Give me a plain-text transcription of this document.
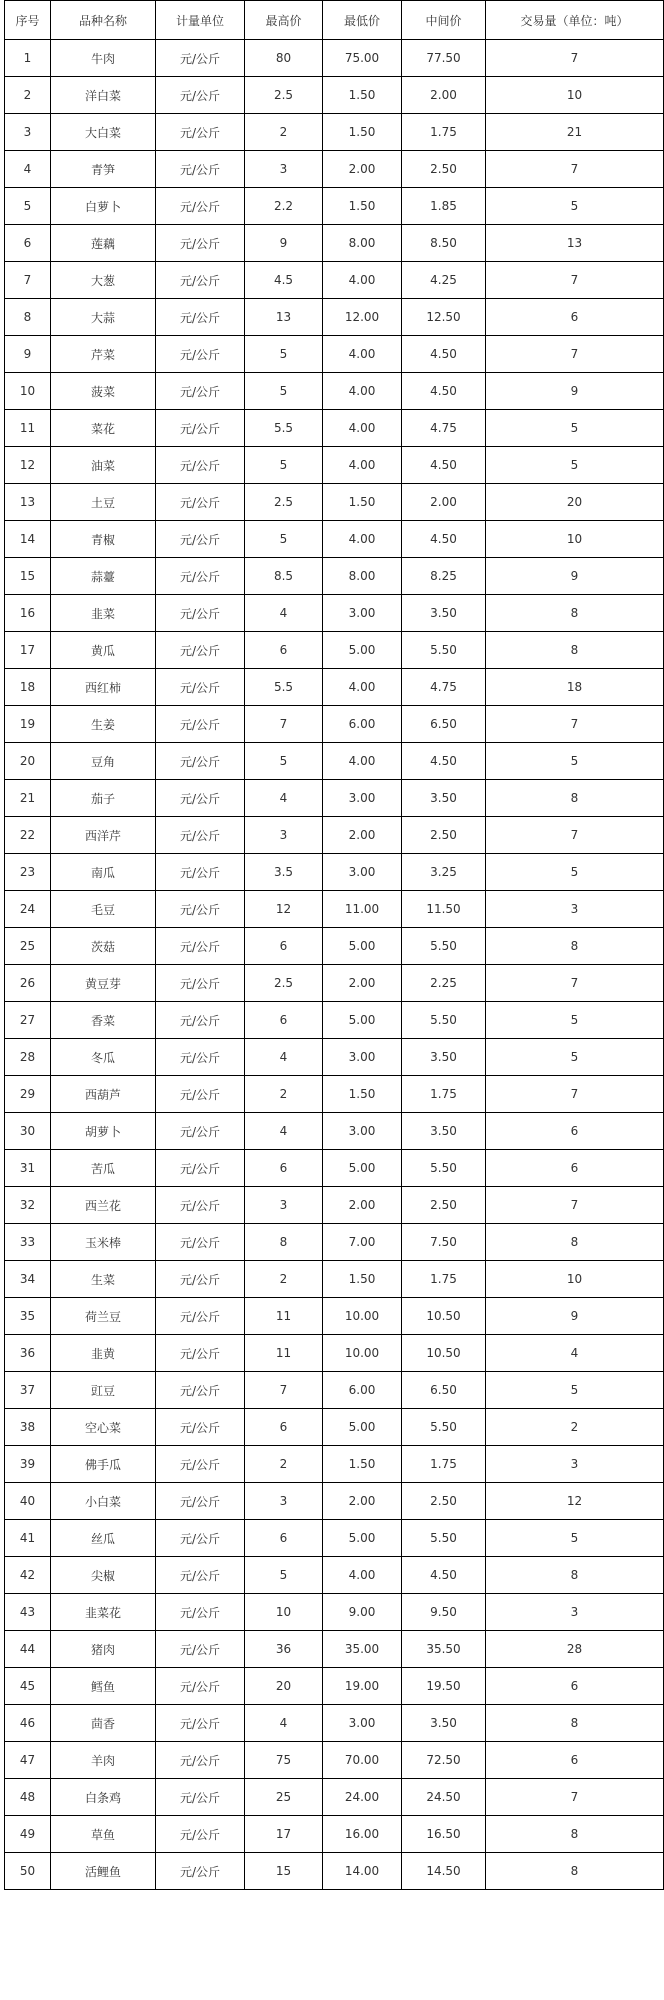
序号	品种名称	计量单位	最高价	最低价	中间价	交易量（单位：吨）
1	牛肉	元/公斤	80	75.00	77.50	7
2	洋白菜	元/公斤	2.5	1.50	2.00	10
3	大白菜	元/公斤	2	1.50	1.75	21
4	青笋	元/公斤	3	2.00	2.50	7
5	白萝卜	元/公斤	2.2	1.50	1.85	5
6	莲藕	元/公斤	9	8.00	8.50	13
7	大葱	元/公斤	4.5	4.00	4.25	7
8	大蒜	元/公斤	13	12.00	12.50	6
9	芹菜	元/公斤	5	4.00	4.50	7
10	菠菜	元/公斤	5	4.00	4.50	9
11	菜花	元/公斤	5.5	4.00	4.75	5
12	油菜	元/公斤	5	4.00	4.50	5
13	土豆	元/公斤	2.5	1.50	2.00	20
14	青椒	元/公斤	5	4.00	4.50	10
15	蒜薹	元/公斤	8.5	8.00	8.25	9
16	韭菜	元/公斤	4	3.00	3.50	8
17	黄瓜	元/公斤	6	5.00	5.50	8
18	西红柿	元/公斤	5.5	4.00	4.75	18
19	生姜	元/公斤	7	6.00	6.50	7
20	豆角	元/公斤	5	4.00	4.50	5
21	茄子	元/公斤	4	3.00	3.50	8
22	西洋芹	元/公斤	3	2.00	2.50	7
23	南瓜	元/公斤	3.5	3.00	3.25	5
24	毛豆	元/公斤	12	11.00	11.50	3
25	茨菇	元/公斤	6	5.00	5.50	8
26	黄豆芽	元/公斤	2.5	2.00	2.25	7
27	香菜	元/公斤	6	5.00	5.50	5
28	冬瓜	元/公斤	4	3.00	3.50	5
29	西葫芦	元/公斤	2	1.50	1.75	7
30	胡萝卜	元/公斤	4	3.00	3.50	6
31	苦瓜	元/公斤	6	5.00	5.50	6
32	西兰花	元/公斤	3	2.00	2.50	7
33	玉米棒	元/公斤	8	7.00	7.50	8
34	生菜	元/公斤	2	1.50	1.75	10
35	荷兰豆	元/公斤	11	10.00	10.50	9
36	韭黄	元/公斤	11	10.00	10.50	4
37	豇豆	元/公斤	7	6.00	6.50	5
38	空心菜	元/公斤	6	5.00	5.50	2
39	佛手瓜	元/公斤	2	1.50	1.75	3
40	小白菜	元/公斤	3	2.00	2.50	12
41	丝瓜	元/公斤	6	5.00	5.50	5
42	尖椒	元/公斤	5	4.00	4.50	8
43	韭菜花	元/公斤	10	9.00	9.50	3
44	猪肉	元/公斤	36	35.00	35.50	28
45	鳕鱼	元/公斤	20	19.00	19.50	6
46	茴香	元/公斤	4	3.00	3.50	8
47	羊肉	元/公斤	75	70.00	72.50	6
48	白条鸡	元/公斤	25	24.00	24.50	7
49	草鱼	元/公斤	17	16.00	16.50	8
50	活鲤鱼	元/公斤	15	14.00	14.50	8
